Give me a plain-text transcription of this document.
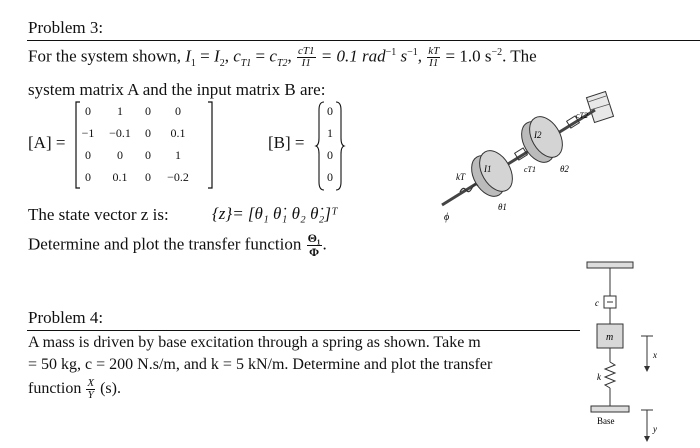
Problem 3:
For the system shown, $I_1 = I_2$, $c_{T1} = c_{T2}$, $\frac{cT1}{I1} = 0.1$ rad$^{-1}$ $s^{-1}$, $\frac{kT}{I1} = 1.0$ $s^{-2}$. The
system matrix A and the input matrix B are:
[A] =
0	1	0	0
−1	−0.1	0	0.1
0	0	0	1
0	0.1	0	−0.2
[B] =
0
1
0
0
The state vector z is:	{z}= [θ₁ θ̇₁ θ₂ θ̇₂]ᵀ
Determine and plot the transfer function $\frac{\text{Θ₁}}{\Phi}$ .
kT
I1
I2
cT1
cT2
ϕ
θ1
θ2
Problem 4:
A mass is driven by base excitation through a spring as shown. Take m
= 50 kg, c = 200 N.s/m, and k = 5 kN/m. Determine and plot the transfer
function $\frac{X}{Y} (s)$.
c
m
k
Base
x
y
